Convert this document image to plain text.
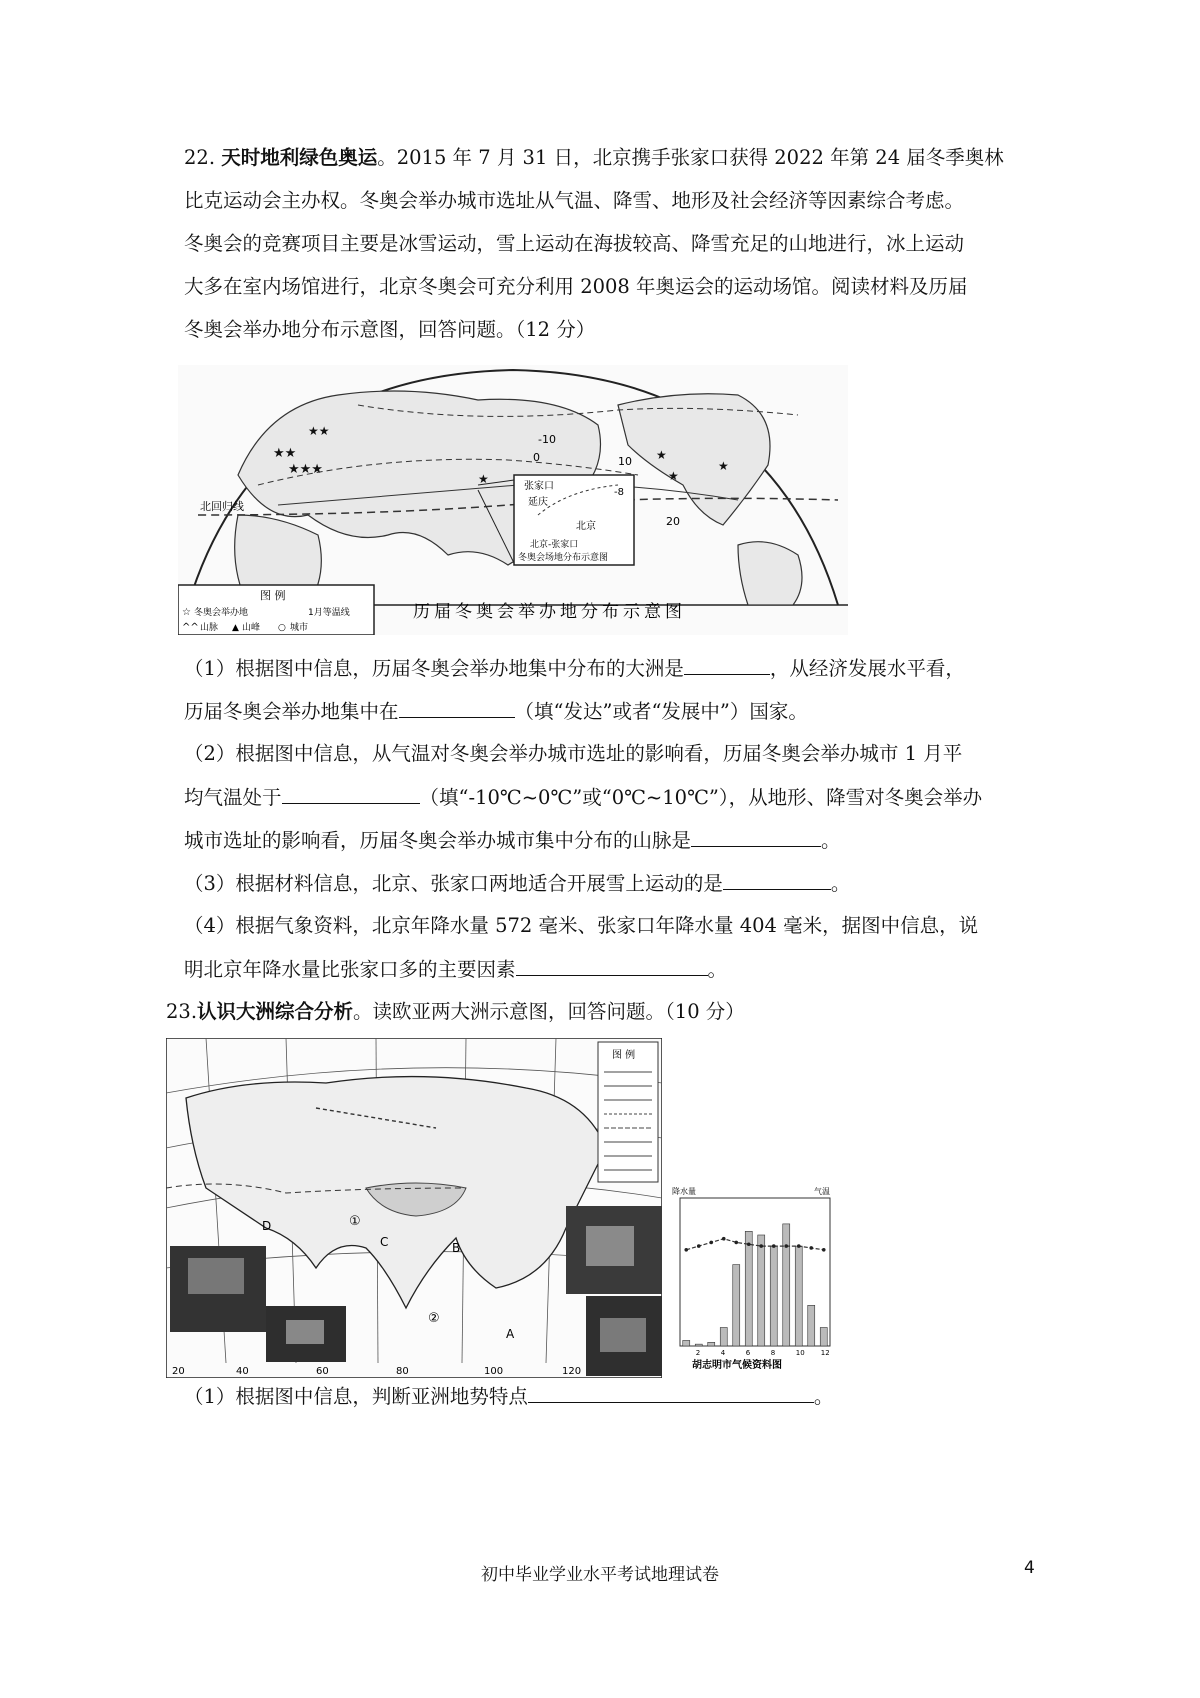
22. 天时地利绿色奥运。2015 年 7 月 31 日，北京携手张家口获得 2022 年第 24 届冬季奥林
比克运动会主办权。冬奥会举办城市选址从气温、降雪、地形及社会经济等因素综合考虑。
冬奥会的竞赛项目主要是冰雪运动，雪上运动在海拔较高、降雪充足的山地进行，冰上运动
大多在室内场馆进行，北京冬奥会可充分利用 2008 年奥运会的运动场馆。阅读材料及历届
冬奥会举办地分布示意图，回答问题。（12 分）
-10
0	10
20
北回归线
★★
★★★
★★
★
★
★
★
张家口
延庆
北京
-8
北京-张家口
冬奥会场地分布示意图
图 例
☆ 冬奥会举办地	1月等温线
^^ 山脉 ▲ 山峰 ○ 城市
历届冬奥会举办地分布示意图
（1）根据图中信息，历届冬奥会举办地集中分布的大洲是	，从经济发展水平看，
历届冬奥会举办地集中在	（填“发达”或者“发展中”）国家。
（2）根据图中信息，从气温对冬奥会举办城市选址的影响看，历届冬奥会举办城市 1 月平
均气温处于	（填“-10℃~0℃”或“0℃~10℃”），从地形、降雪对冬奥会举办
城市选址的影响看，历届冬奥会举办城市集中分布的山脉是	。
（3）根据材料信息，北京、张家口两地适合开展雪上运动的是	。
（4）根据气象资料，北京年降水量 572 毫米、张家口年降水量 404 毫米，据图中信息，说
明北京年降水量比张家口多的主要因素	。
23.认识大洲综合分析。读欧亚两大洲示意图，回答问题。（10 分）
①
②
A
B
C
D
图 例
20	40	60	80	100	120
降水量	气温
2	4	6	8	10 12
胡志明市气候资料图
（1）根据图中信息，判断亚洲地势特点	。
初中毕业学业水平考试地理试卷	4
